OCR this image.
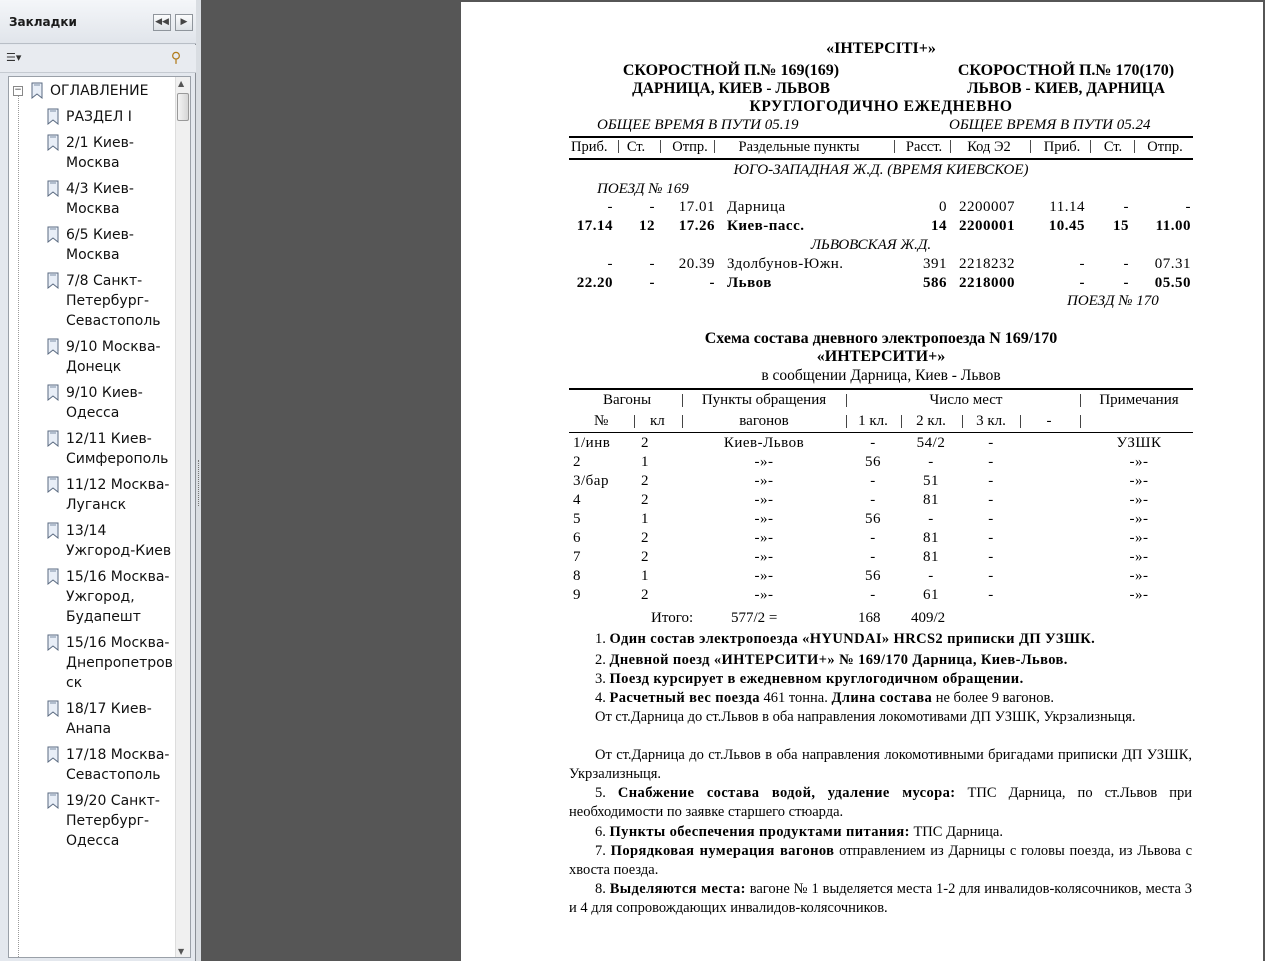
Закладки	◀◀	▶
☰▾	⚲
− ОГЛАВЛЕНИЕ
РАЗДЕЛ I
2/1 Киев-Москва
4/3 Киев-Москва
6/5 Киев-Москва
7/8 Санкт-Петербург-Севастополь
9/10 Москва-Донецк
9/10 Киев-Одесса
12/11 Киев-Симферополь
11/12 Москва-Луганск
13/14 Ужгород-Киев
15/16 Москва-Ужгород, Будапешт
15/16 Москва-Днепропетровск
18/17 Киев-Анапа
17/18 Москва-Севастополь
19/20 Санкт-Петербург-Одесса
▲
▼
«ІНТЕРСІТІ+»
СКОРОСТНОЙ П.№ 169(169)
ДАРНИЦА, КИЕВ - ЛЬВОВ
СКОРОСТНОЙ П.№ 170(170)
ЛЬВОВ - КИЕВ, ДАРНИЦА
КРУГЛОГОДИЧНО ЕЖЕДНЕВНО
ОБЩЕЕ ВРЕМЯ В ПУТИ 05.19	ОБЩЕЕ ВРЕМЯ В ПУТИ 05.24
Приб.	Ст.	Отпр.	Раздельные пункты	Расст.	Код Э2	Приб.	Ст.	Отпр.
|	|	|	|	|	|	|	|
ЮГО-ЗАПАДНАЯ Ж.Д. (ВРЕМЯ КИЕВСКОЕ)
ПОЕЗД № 169
-	-	17.01 Дарница	0 2200007	11.14	-	-
17.14	12	17.26 Киев-пасс.	14 2200001	10.45	15	11.00
-	-	20.39 Здолбунов-Южн.	391 2218232	-	-	07.31
22.20	-	- Львов	586 2218000	-	-	05.50
ЛЬВОВСКАЯ Ж.Д.
ПОЕЗД № 170
Схема состава дневного электропоезда N 169/170
«ИНТЕРСИТИ+»
в сообщении Дарница, Киев - Львов
Вагоны	|	Пункты обращения	|	Число мест	|	Примечания
№ | кл |	вагонов	| 1 кл. | 2 кл.	| 3 кл. |	-	|
1/инв	2	Киев-Львов	-	54/2	-	УЗШК
2	1	-»-	56	-	-	-»-
3/бар	2	-»-	-	51	-	-»-
4	2	-»-	-	81	-	-»-
5	1	-»-	56	-	-	-»-
6	2	-»-	-	81	-	-»-
7	2	-»-	-	81	-	-»-
8	1	-»-	56	-	-	-»-
9	2	-»-	-	61	-	-»-
Итого:	577/2 =	168 409/2
1. Один состав электропоезда «HYUNDAI» HRCS2 приписки ДП УЗШК.
2. Дневной поезд «ИНТЕРСИТИ+» № 169/170 Дарница, Киев-Львов.
3. Поезд курсирует в ежедневном круглогодичном обращении.
4. Расчетный вес поезда 461 тонна. Длина состава не более 9 вагонов.
От ст.Дарница до ст.Львов в оба направления локомотивами ДП УЗШК, Укрзализныця.
От ст.Дарница до ст.Львов в оба направления локомотивными бригадами приписки ДП УЗШК, Укрзализныця.
5. Снабжение состава водой, удаление мусора: ТПС Дарница, по ст.Львов при необходимости по заявке старшего стюарда.
6. Пункты обеспечения продуктами питания: ТПС Дарница.
7. Порядковая нумерация вагонов отправлением из Дарницы с головы поезда, из Львова с хвоста поезда.
8. Выделяются места: вагоне № 1 выделяется места 1-2 для инвалидов-колясочников, места 3 и 4 для сопровождающих инвалидов-колясочников.
